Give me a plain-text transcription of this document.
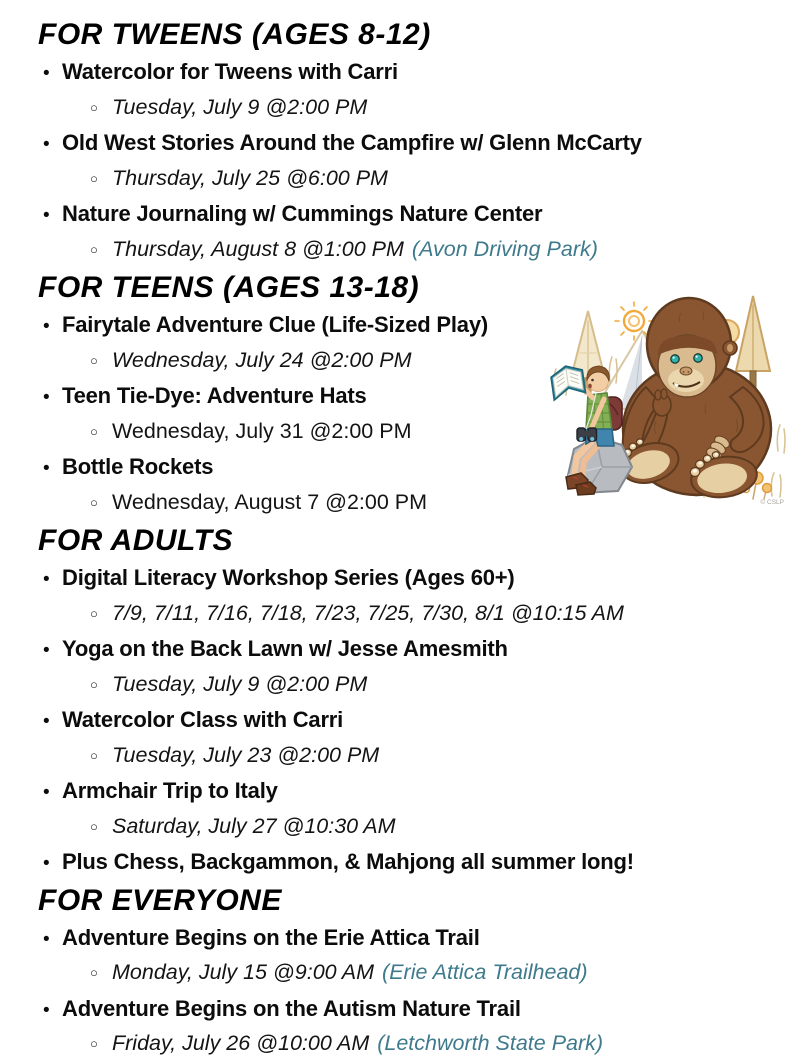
FOR TWEENS (AGES 8-12)
• Watercolor for Tweens with Carri
○ Tuesday, July 9 @2:00 PM
• Old West Stories Around the Campfire w/ Glenn McCarty
○ Thursday, July 25 @6:00 PM
• Nature Journaling w/ Cummings Nature Center
○ Thursday, August 8 @1:00 PM (Avon Driving Park)
FOR TEENS (AGES 13-18)
• Fairytale Adventure Clue (Life-Sized Play)
○ Wednesday, July 24 @2:00 PM
• Teen Tie-Dye: Adventure Hats
○ Wednesday, July 31 @2:00 PM
• Bottle Rockets
○ Wednesday, August 7 @2:00 PM
FOR ADULTS
• Digital Literacy Workshop Series (Ages 60+)
○ 7/9, 7/11, 7/16, 7/18, 7/23, 7/25, 7/30, 8/1 @10:15 AM
• Yoga on the Back Lawn w/ Jesse Amesmith
○ Tuesday, July 9 @2:00 PM
• Watercolor Class with Carri
○ Tuesday, July 23 @2:00 PM
• Armchair Trip to Italy
○ Saturday, July 27 @10:30 AM
• Plus Chess, Backgammon, & Mahjong all summer long!
FOR EVERYONE
• Adventure Begins on the Erie Attica Trail
○ Monday, July 15 @9:00 AM (Erie Attica Trailhead)
• Adventure Begins on the Autism Nature Trail
○ Friday, July 26 @10:00 AM (Letchworth State Park)
© CSLP
